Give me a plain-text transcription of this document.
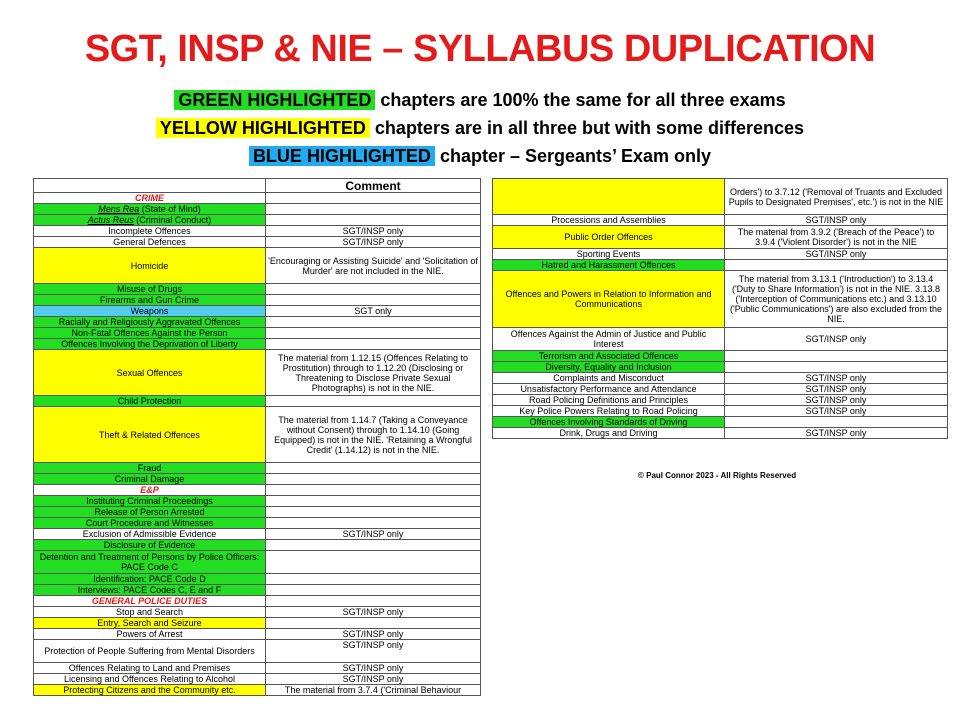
SGT, INSP & NIE – SYLLABUS DUPLICATION
GREEN HIGHLIGHTED chapters are 100% the same for all three exams
YELLOW HIGHLIGHTED chapters are in all three but with some differences
BLUE HIGHLIGHTED chapter – Sergeants’ Exam only
	Comment
CRIME	
Mens Rea (State of Mind)	
Actus Reus (Criminal Conduct)	
Incomplete Offences	SGT/INSP only
General Defences	SGT/INSP only
Homicide	'Encouraging or Assisting Suicide' and 'Solicitation of Murder' are not included in the NIE.
Misuse of Drugs	
Firearms and Gun Crime	
Weapons	SGT only
Racially and Religiously Aggravated Offences	
Non-Fatal Offences Against the Person	
Offences Involving the Deprivation of Liberty	
Sexual Offences	The material from 1.12.15 (Offences Relating to Prostitution) through to 1.12.20 (Disclosing or Threatening to Disclose Private Sexual Photographs) is not in the NIE.
Child Protection	
Theft & Related Offences	The material from 1.14.7 (Taking a Conveyance without Consent) through to 1.14.10 (Going Equipped) is not in the NIE. 'Retaining a Wrongful Credit' (1.14.12) is not in the NIE.
Fraud	
Criminal Damage	
E&P	
Instituting Criminal Proceedings	
Release of Person Arrested	
Court Procedure and Witnesses	
Exclusion of Admissible Evidence	SGT/INSP only
Disclosure of Evidence	
Detention and Treatment of Persons by Police Officers: PACE Code C	
Identification: PACE Code D	
Interviews: PACE Codes C, E and F	
GENERAL POLICE DUTIES	
Stop and Search	SGT/INSP only
Entry, Search and Seizure	
Powers of Arrest	SGT/INSP only
Protection of People Suffering from Mental Disorders	SGT/INSP only
Offences Relating to Land and Premises	SGT/INSP only
Licensing and Offences Relating to Alcohol	SGT/INSP only
Protecting Citizens and the Community etc.	The material from 3.7.4 ('Criminal Behaviour
	Orders') to 3.7.12 ('Removal of Truants and Excluded Pupils to Designated Premises', etc.') is not in the NIE
Processions and Assemblies	SGT/INSP only
Public Order Offences	The material from 3.9.2 ('Breach of the Peace') to 3.9.4 ('Violent Disorder') is not in the NIE
Sporting Events	SGT/INSP only
Hatred and Harassment Offences	
Offences and Powers in Relation to Information and Communications	The material from 3.13.1 ('Introduction') to 3.13.4 ('Duty to Share Information') is not in the NIE. 3.13.8 ('Interception of Communications etc.) and 3.13.10 ('Public Communications') are also excluded from the NIE.
Offences Against the Admin of Justice and Public Interest	SGT/INSP only
Terrorism and Associated Offences	
Diversity, Equality and Inclusion	
Complaints and Misconduct	SGT/INSP only
Unsatisfactory Performance and Attendance	SGT/INSP only
Road Policing Definitions and Principles	SGT/INSP only
Key Police Powers Relating to Road Policing	SGT/INSP only
Offences Involving Standards of Driving	
Drink, Drugs and Driving	SGT/INSP only
© Paul Connor 2023 - All Rights Reserved
